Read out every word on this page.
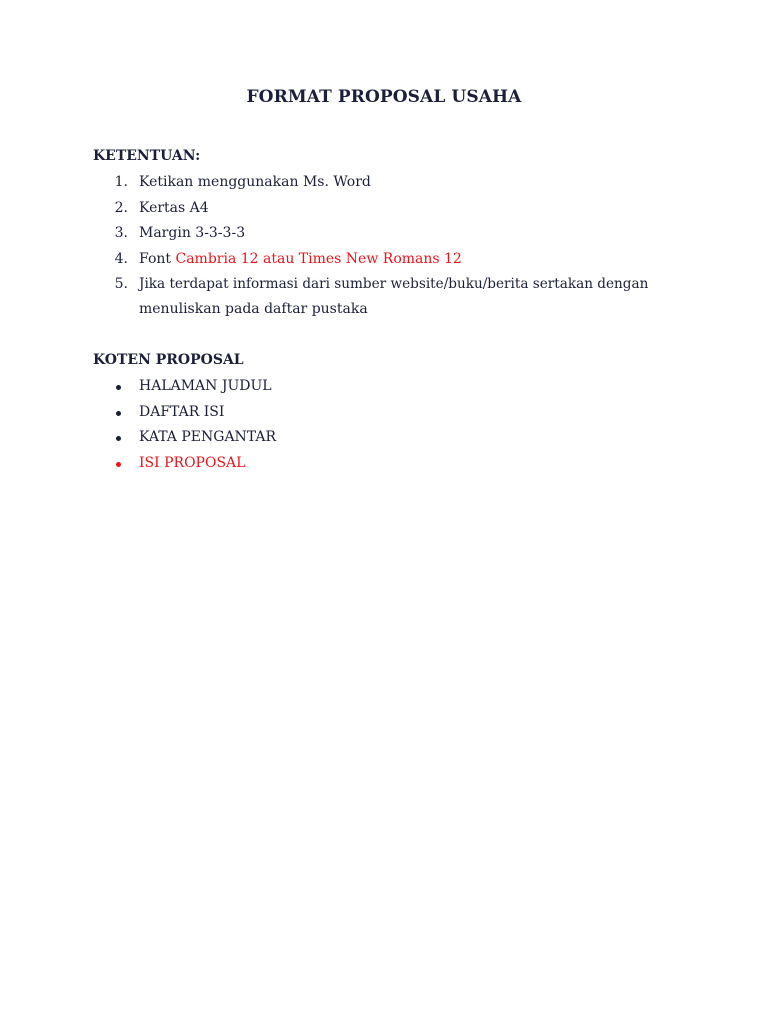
FORMAT PROPOSAL USAHA
KETENTUAN:
1. Ketikan menggunakan Ms. Word
2. Kertas A4
3. Margin 3-3-3-3
4. Font Cambria 12 atau Times New Romans 12
5. Jika terdapat informasi dari sumber website/buku/berita sertakan dengan
menuliskan pada daftar pustaka
KOTEN PROPOSAL
HALAMAN JUDUL
DAFTAR ISI
KATA PENGANTAR
ISI PROPOSAL
